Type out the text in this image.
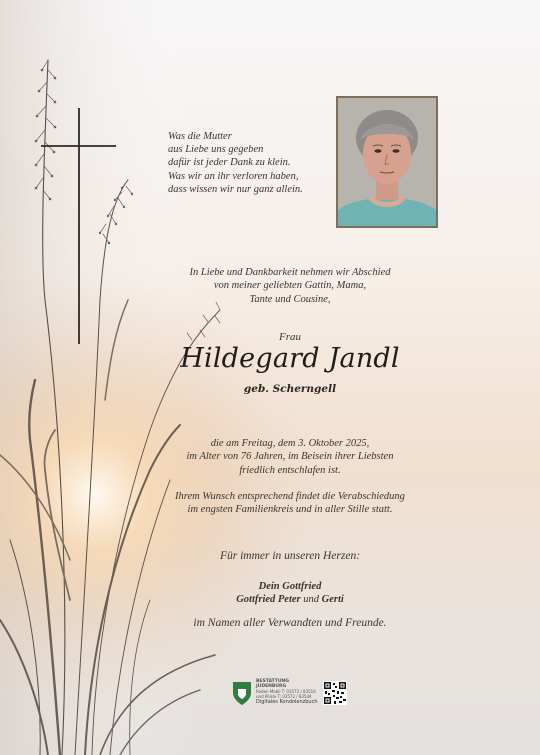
Was die Mutter
aus Liebe uns gegeben
dafür ist jeder Dank zu klein.
Was wir an ihr verloren haben,
dass wissen wir nur ganz allein.
In Liebe und Dankbarkeit nehmen wir Abschied
von meiner geliebten Gattin, Mama,
Tante und Cousine,
Frau
Hildegard Jandl
geb. Scherngell
die am Freitag, dem 3. Oktober 2025,
im Alter von 76 Jahren, im Beisein ihrer Liebsten
friedlich entschlafen ist.
Ihrem Wunsch entsprechend findet die Verabschiedung
im engsten Familienkreis und in aller Stille statt.
Für immer in unseren Herzen:
Dein Gottfried
Gottfried Peter und Gerti
im Namen aller Verwandten und Freunde.
BESTATTUNG JUDENBURG
Roden Mobil T: 03572 / 83516
und Pölsle T: 03572 / 83544
Digitales Kondolenzbuch
